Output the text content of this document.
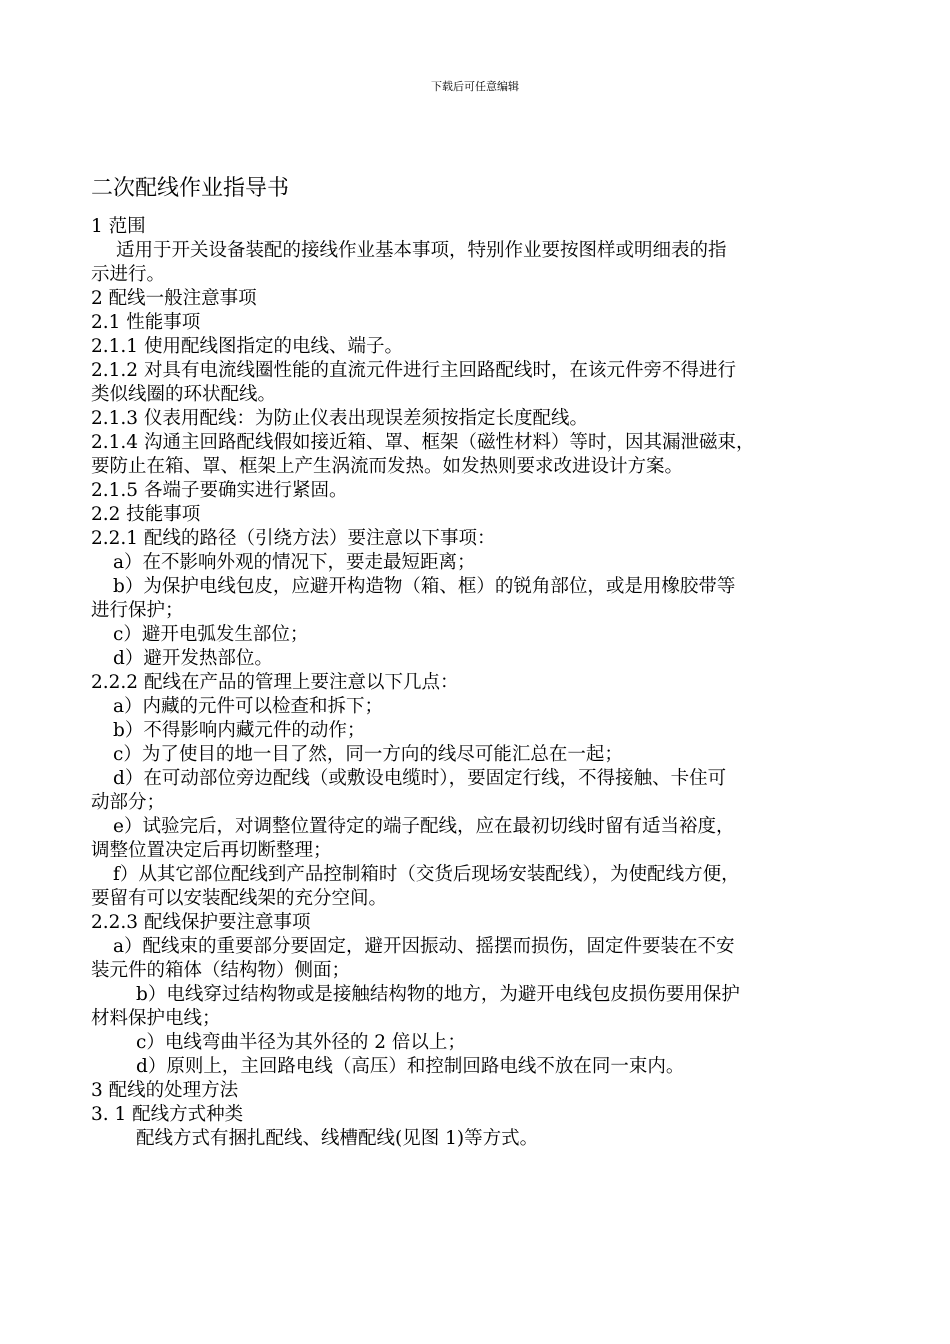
下载后可任意编辑
二次配线作业指导书
1 范围
适用于开关设备装配的接线作业基本事项，特别作业要按图样或明细表的指
示进行。
2 配线一般注意事项
2.1 性能事项
2.1.1 使用配线图指定的电线、端子。
2.1.2 对具有电流线圈性能的直流元件进行主回路配线时，在该元件旁不得进行
类似线圈的环状配线。
2.1.3 仪表用配线：为防止仪表出现误差须按指定长度配线。
2.1.4 沟通主回路配线假如接近箱、罩、框架（磁性材料）等时，因其漏泄磁束，
要防止在箱、罩、框架上产生涡流而发热。如发热则要求改进设计方案。
2.1.5 各端子要确实进行紧固。
2.2 技能事项
2.2.1 配线的路径（引绕方法）要注意以下事项：
a）在不影响外观的情况下，要走最短距离；
b）为保护电线包皮，应避开构造物（箱、框）的锐角部位，或是用橡胶带等
进行保护；
c）避开电弧发生部位；
d）避开发热部位。
2.2.2 配线在产品的管理上要注意以下几点：
a）内藏的元件可以检查和拆下；
b）不得影响内藏元件的动作；
c）为了使目的地一目了然，同一方向的线尽可能汇总在一起；
d）在可动部位旁边配线（或敷设电缆时），要固定行线，不得接触、卡住可
动部分；
e）试验完后，对调整位置待定的端子配线，应在最初切线时留有适当裕度，
调整位置决定后再切断整理；
f）从其它部位配线到产品控制箱时（交货后现场安装配线），为使配线方便，
要留有可以安装配线架的充分空间。
2.2.3 配线保护要注意事项
a）配线束的重要部分要固定，避开因振动、摇摆而损伤，固定件要装在不安
装元件的箱体（结构物）侧面；
b）电线穿过结构物或是接触结构物的地方，为避开电线包皮损伤要用保护
材料保护电线；
c）电线弯曲半径为其外径的 2 倍以上；
d）原则上，主回路电线（高压）和控制回路电线不放在同一束内。
3 配线的处理方法
3. 1 配线方式种类
配线方式有捆扎配线、线槽配线(见图 1)等方式。
